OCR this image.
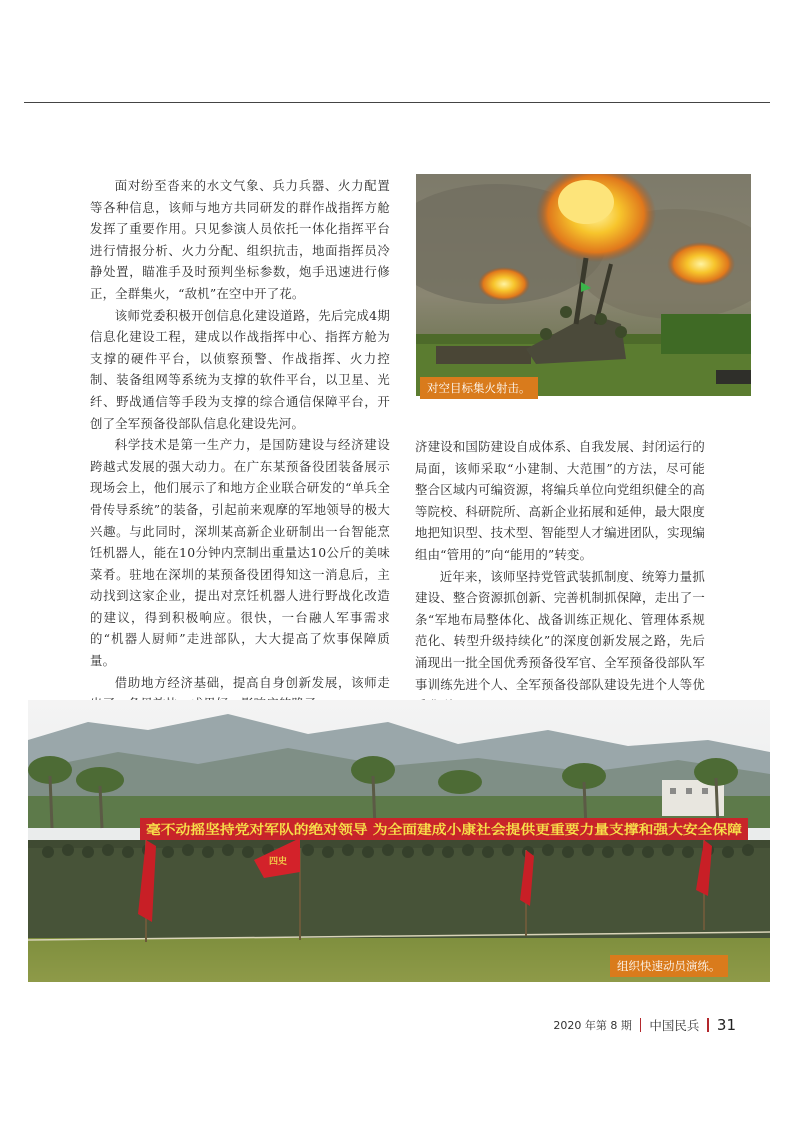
面对纷至沓来的水文气象、兵力兵器、火力配置等各种信息，该师与地方共同研发的群作战指挥方舱发挥了重要作用。只见参演人员依托一体化指挥平台进行情报分析、火力分配、组织抗击，地面指挥员冷静处置，瞄准手及时预判坐标参数，炮手迅速进行修正，全群集火，“敌机”在空中开了花。

该师党委积极开创信息化建设道路，先后完成4期信息化建设工程，建成以作战指挥中心、指挥方舱为支撑的硬件平台，以侦察预警、作战指挥、火力控制、装备组网等系统为支撑的软件平台，以卫星、光纤、野战通信等手段为支撑的综合通信保障平台，开创了全军预备役部队信息化建设先河。

科学技术是第一生产力，是国防建设与经济建设跨越式发展的强大动力。在广东某预备役团装备展示现场会上，他们展示了和地方企业联合研发的“单兵全骨传导系统”的装备，引起前来观摩的军地领导的极大兴趣。与此同时，深圳某高新企业研制出一台智能烹饪机器人，能在10分钟内烹制出重量达10公斤的美味菜肴。驻地在深圳的某预备役团得知这一消息后，主动找到这家企业，提出对烹饪机器人进行野战化改造的建议，得到积极响应。很快，一台融人军事需求的“机器人厨师”走进部队，大大提高了炊事保障质量。

借助地方经济基础，提高自身创新发展，该师走

济建设和国防建设自成体系、自我发展、封闭运行的局面，该师采取“小建制、大范围”的方法，尽可能整合区域内可编资源，将编兵单位向党组织健全的高等院校、科研院所、高新企业拓展和延伸，最大限度地把知识型、技术型、智能型人才编进团队，实现编组由“管用的”向“能用的”转变。

近年来，该师坚持党管武装抓制度、统筹力量抓建设、整合资源抓创新、完善机制抓保障，走出了一条“军地布局整体化、战备训练正规化、管理体系规范化、转型升级持续化”的深度创新发展之路，先后涌现出一批全国优秀预备役军官、全军预备役部队军事训练先进个人、全军预备役部队建设先进个人等优

对空目标集火射击。
毫不动摇坚持党对军队的绝对领导 为全面建成小康社会提供更重要力量支撑和强大安全保障
四史
组织快速动员演练。
2020 年第 8 期 中国民兵 31
